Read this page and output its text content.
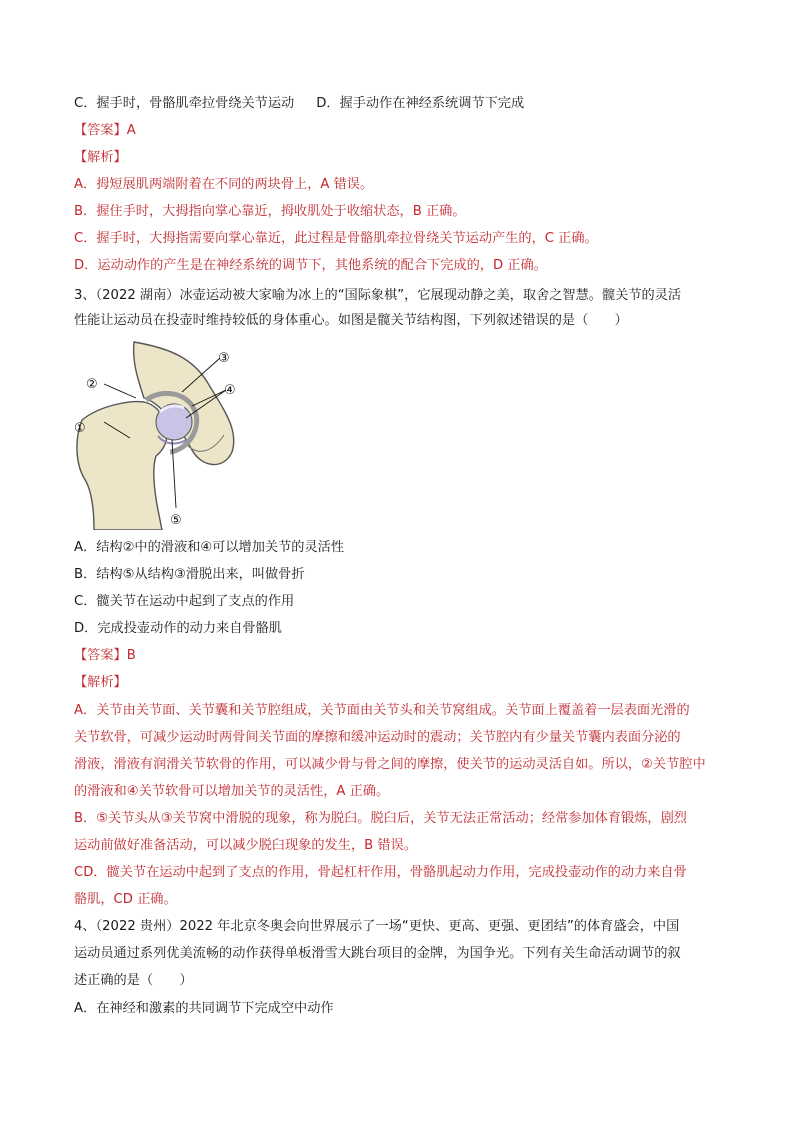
C．握手时，骨骼肌牵拉骨绕关节运动 D．握手动作在神经系统调节下完成
【答案】A
【解析】
A．拇短展肌两端附着在不同的两块骨上，A 错误。
B．握住手时，大拇指向掌心靠近，拇收肌处于收缩状态，B 正确。
C．握手时，大拇指需要向掌心靠近，此过程是骨骼肌牵拉骨绕关节运动产生的，C 正确。
D．运动动作的产生是在神经系统的调节下，其他系统的配合下完成的，D 正确。
3、（2022 湖南）冰壶运动被大家喻为冰上的“国际象棋”，它展现动静之美，取舍之智慧。髋关节的灵活
性能让运动员在投壶时维持较低的身体重心。如图是髋关节结构图，下列叙述错误的是（　　）
①
②
③
④
⑤
A．结构②中的滑液和④可以增加关节的灵活性
B．结构⑤从结构③滑脱出来，叫做骨折
C．髋关节在运动中起到了支点的作用
D．完成投壶动作的动力来自骨骼肌
【答案】B
【解析】
A．关节由关节面、关节囊和关节腔组成，关节面由关节头和关节窝组成。关节面上覆盖着一层表面光滑的
关节软骨，可减少运动时两骨间关节面的摩擦和缓冲运动时的震动；关节腔内有少量关节囊内表面分泌的
滑液，滑液有润滑关节软骨的作用，可以减少骨与骨之间的摩擦，使关节的运动灵活自如。所以，②关节腔中
的滑液和④关节软骨可以增加关节的灵活性，A 正确。
B．⑤关节头从③关节窝中滑脱的现象，称为脱臼。脱臼后，关节无法正常活动；经常参加体育锻炼，剧烈
运动前做好准备活动，可以减少脱臼现象的发生，B 错误。
CD．髋关节在运动中起到了支点的作用，骨起杠杆作用，骨骼肌起动力作用，完成投壶动作的动力来自骨
骼肌，CD 正确。
4、（2022 贵州）2022 年北京冬奥会向世界展示了一场“更快、更高、更强、更团结”的体育盛会，中国
运动员通过系列优美流畅的动作获得单板滑雪大跳台项目的金牌，为国争光。下列有关生命活动调节的叙
述正确的是（　　）
A．在神经和激素的共同调节下完成空中动作
